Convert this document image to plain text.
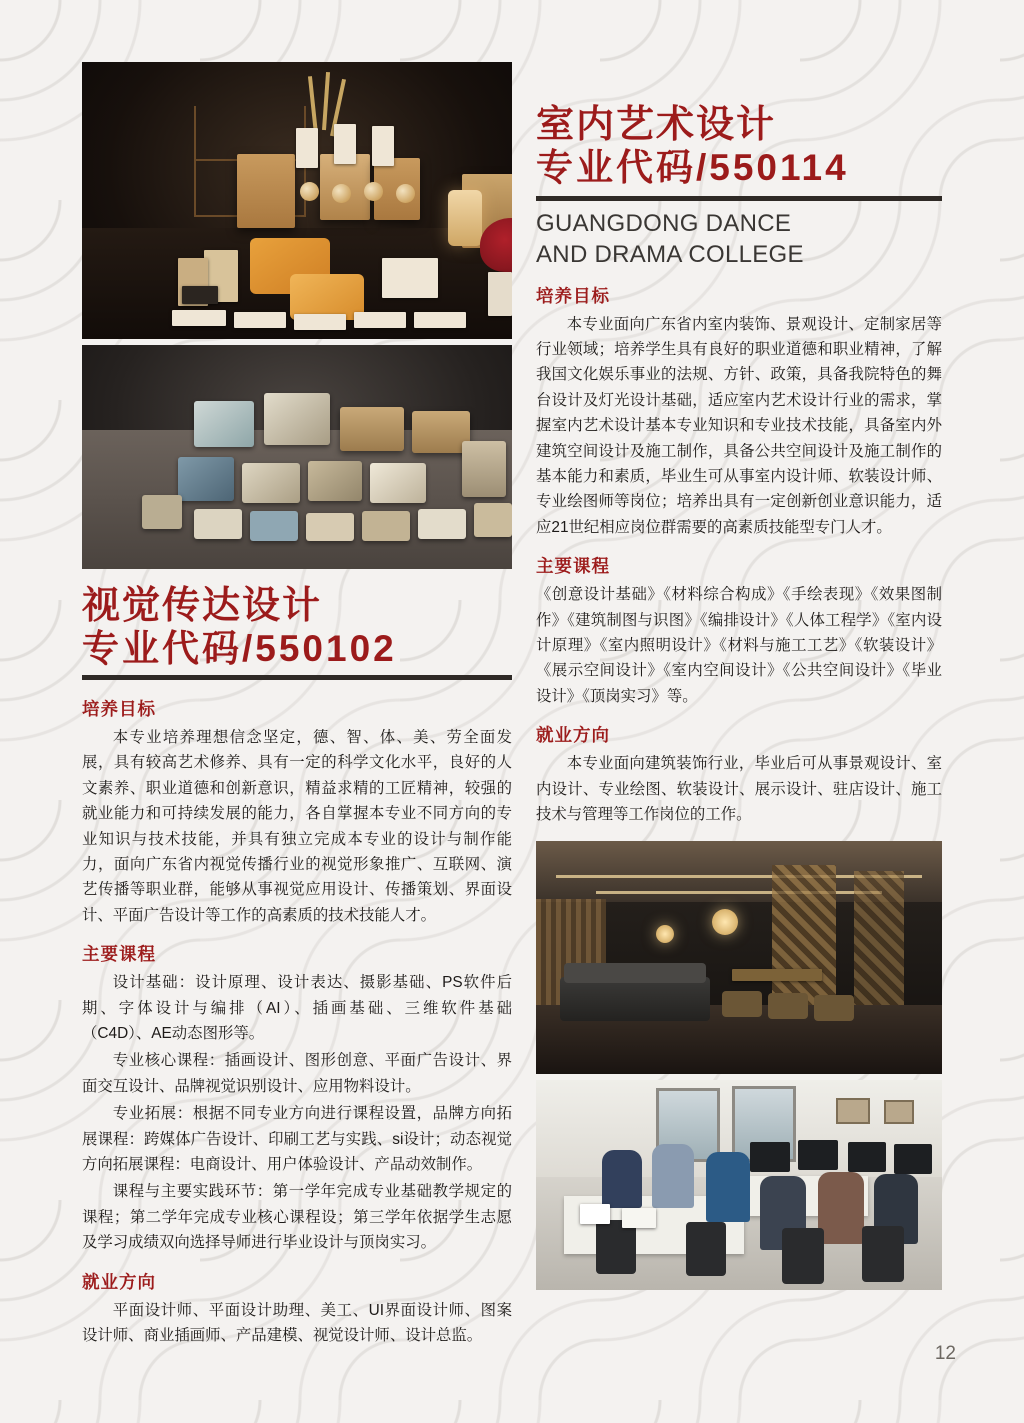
视觉传达设计
专业代码/550102
培养目标

本专业培养理想信念坚定，德、智、体、美、劳全面发展，具有较高艺术修养、具有一定的科学文化水平，良好的人文素养、职业道德和创新意识，精益求精的工匠精神，较强的就业能力和可持续发展的能力，各自掌握本专业不同方向的专业知识与技术技能，并具有独立完成本专业的设计与制作能力，面向广东省内视觉传播行业的视觉形象推广、互联网、演艺传播等职业群，能够从事视觉应用设计、传播策划、界面设计、平面广告设计等工作的高素质的技术技能人才。

主要课程

设计基础：设计原理、设计表达、摄影基础、PS软件后期、字体设计与编排（AI）、插画基础、三维软件基础（C4D）、AE动态图形等。

专业核心课程：插画设计、图形创意、平面广告设计、界面交互设计、品牌视觉识别设计、应用物料设计。

专业拓展：根据不同专业方向进行课程设置，品牌方向拓展课程：跨媒体广告设计、印刷工艺与实践、si设计；动态视觉方向拓展课程：电商设计、用户体验设计、产品动效制作。

课程与主要实践环节：第一学年完成专业基础教学规定的课程；第二学年完成专业核心课程设；第三学年依据学生志愿及学习成绩双向选择导师进行毕业设计与顶岗实习。

就业方向

平面设计师、平面设计助理、美工、UI界面设计师、图案设计师、商业插画师、产品建模、视觉设计师、设计总监。

室内艺术设计
专业代码/550114
GUANGDONG DANCE
AND DRAMA COLLEGE
培养目标

本专业面向广东省内室内装饰、景观设计、定制家居等行业领域；培养学生具有良好的职业道德和职业精神，了解我国文化娱乐事业的法规、方针、政策，具备我院特色的舞台设计及灯光设计基础，适应室内艺术设计行业的需求，掌握室内艺术设计基本专业知识和专业技术技能，具备室内外建筑空间设计及施工制作，具备公共空间设计及施工制作的基本能力和素质，毕业生可从事室内设计师、软装设计师、专业绘图师等岗位；培养出具有一定创新创业意识能力，适应21世纪相应岗位群需要的高素质技能型专门人才。

主要课程

《创意设计基础》《材料综合构成》《手绘表现》《效果图制作》《建筑制图与识图》《编排设计》《人体工程学》《室内设计原理》《室内照明设计》《材料与施工工艺》《软装设计》《展示空间设计》《室内空间设计》《公共空间设计》《毕业设计》《顶岗实习》等。

就业方向

本专业面向建筑装饰行业，毕业后可从事景观设计、室内设计、专业绘图、软装设计、展示设计、驻店设计、施工技术与管理等工作岗位的工作。

12
